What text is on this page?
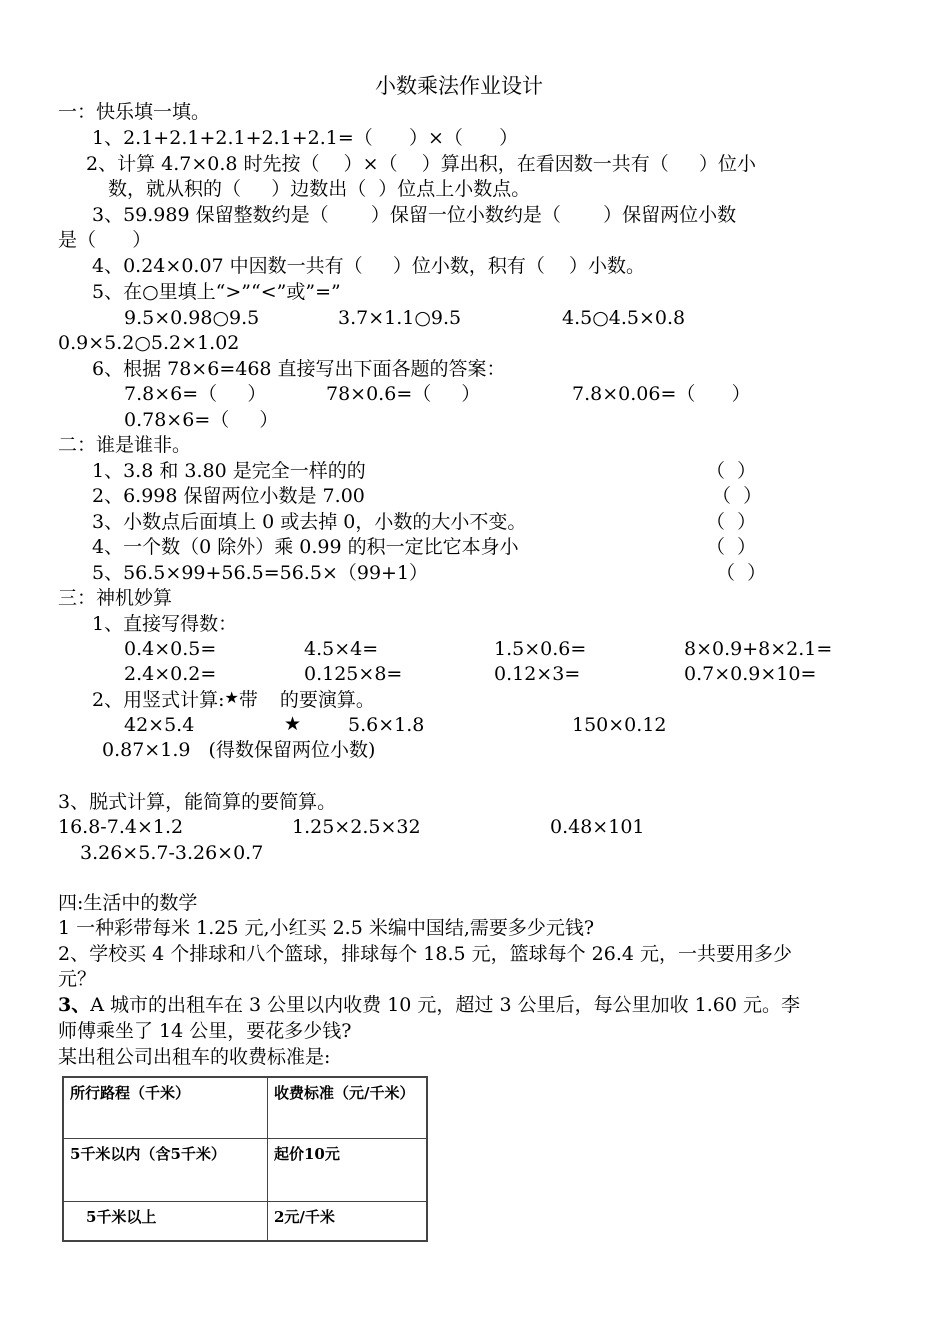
小数乘法作业设计
一：快乐填一填。
1、2.1+2.1+2.1+2.1+2.1=（      ）×（      ）
2、计算 4.7×0.8 时先按（    ）×（    ）算出积，在看因数一共有（     ）位小
数，就从积的（     ）边数出（  ）位点上小数点。
3、59.989 保留整数约是（       ）保留一位小数约是（       ）保留两位小数
是（      ）
4、0.24×0.07 中因数一共有（     ）位小数，积有（    ）小数。
5、在○里填上“>”“<”或”=”
9.5×0.98○9.5	3.7×1.1○9.5	4.5○4.5×0.8
0.9×5.2○5.2×1.02
6、根据 78×6=468 直接写出下面各题的答案：
7.8×6=（     ）	78×0.6=（     ）	7.8×0.06=（      ）
0.78×6=（     ）
二：谁是谁非。
1、3.8 和 3.80 是完全一样的的	（  ）
2、6.998 保留两位小数是 7.00	（  ）
3、小数点后面填上 0 或去掉 0，小数的大小不变。	（  ）
4、一个数（0 除外）乘 0.99 的积一定比它本身小	（  ）
5、56.5×99+56.5=56.5×（99+1）	（  ）
三：神机妙算
1、直接写得数：
0.4×0.5=	4.5×4=	1.5×0.6=	8×0.9+8×2.1=
2.4×0.2=	0.125×8=	0.12×3=	0.7×0.9×10=
2、用竖式计算:★带 的要演算。
42×5.4	★ 5.6×1.8	150×0.12
0.87×1.9   (得数保留两位小数)
3、脱式计算，能简算的要简算。
16.8-7.4×1.2	1.25×2.5×32	0.48×101
3.26×5.7-3.26×0.7
四:生活中的数学
1 一种彩带每米 1.25 元,小红买 2.5 米编中国结,需要多少元钱?
2、学校买 4 个排球和八个篮球，排球每个 18.5 元，篮球每个 26.4 元，一共要用多少
元？
3、A 城市的出租车在 3 公里以内收费 10 元，超过 3 公里后，每公里加收 1.60 元。李
师傅乘坐了 14 公里，要花多少钱?
某出租公司出租车的收费标准是:
所行路程（千米）	收费标准（元/千米）
5千米以内（含5千米）	起价10元
5千米以上	2元/千米
